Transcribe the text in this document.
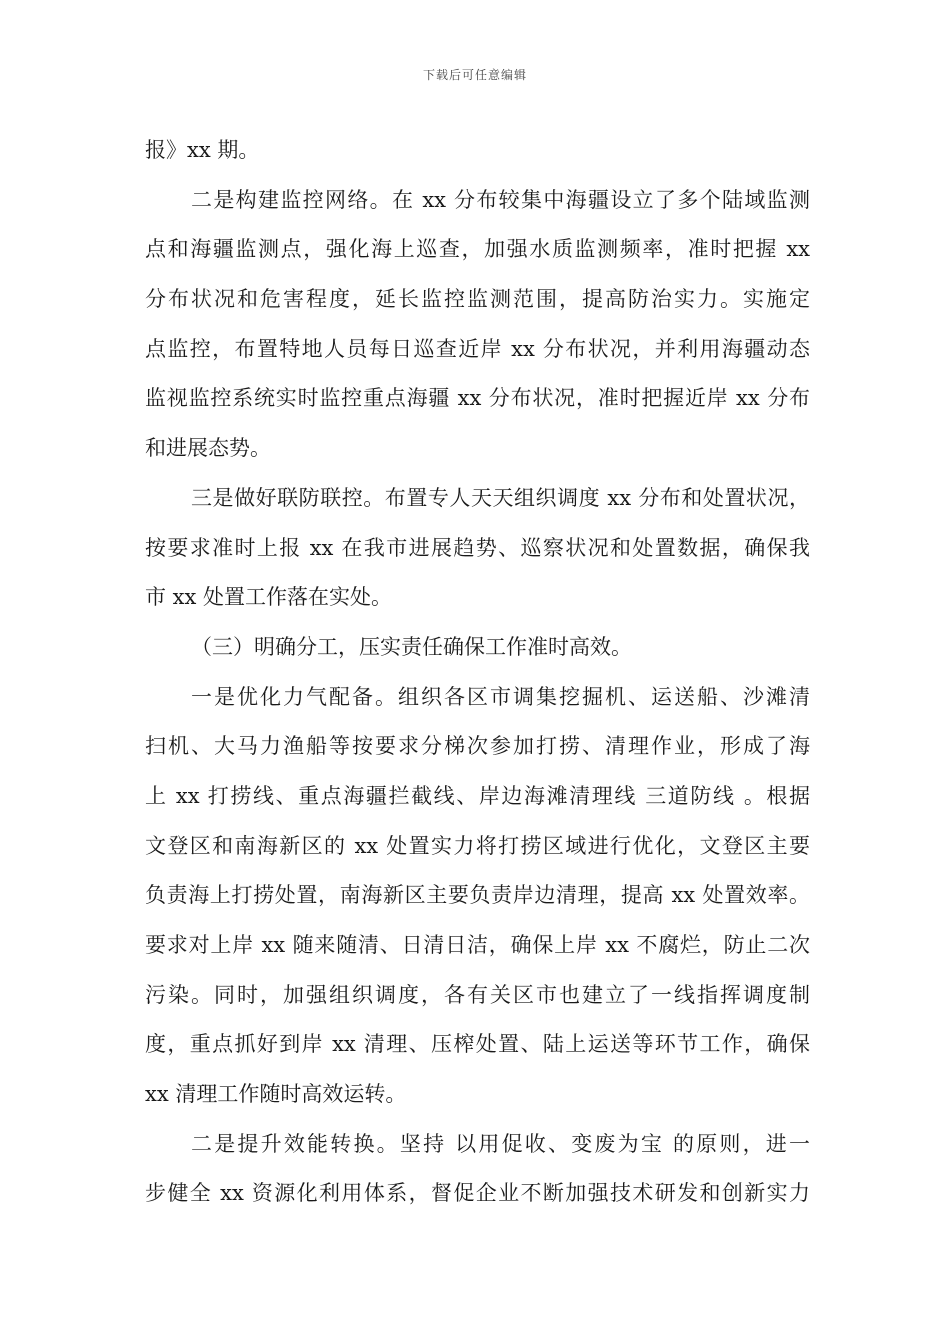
下载后可任意编辑
报》xx 期。
二是构建监控网络。在 xx 分布较集中海疆设立了多个陆域监测
点和海疆监测点，强化海上巡查，加强水质监测频率，准时把握 xx
分布状况和危害程度，延长监控监测范围，提高防治实力。实施定
点监控，布置特地人员每日巡查近岸 xx 分布状况，并利用海疆动态
监视监控系统实时监控重点海疆 xx 分布状况，准时把握近岸 xx 分布
和进展态势。
三是做好联防联控。布置专人天天组织调度 xx 分布和处置状况，
按要求准时上报 xx 在我市进展趋势、巡察状况和处置数据，确保我
市 xx 处置工作落在实处。
（三）明确分工，压实责任确保工作准时高效。
一是优化力气配备。组织各区市调集挖掘机、运送船、沙滩清
扫机、大马力渔船等按要求分梯次参加打捞、清理作业，形成了海
上 xx 打捞线、重点海疆拦截线、岸边海滩清理线 三道防线 。根据
文登区和南海新区的 xx 处置实力将打捞区域进行优化，文登区主要
负责海上打捞处置，南海新区主要负责岸边清理，提高 xx 处置效率。
要求对上岸 xx 随来随清、日清日洁，确保上岸 xx 不腐烂，防止二次
污染。同时，加强组织调度，各有关区市也建立了一线指挥调度制
度，重点抓好到岸 xx 清理、压榨处置、陆上运送等环节工作，确保
xx 清理工作随时高效运转。
二是提升效能转换。坚持 以用促收、变废为宝 的原则，进一
步健全 xx 资源化利用体系，督促企业不断加强技术研发和创新实力
